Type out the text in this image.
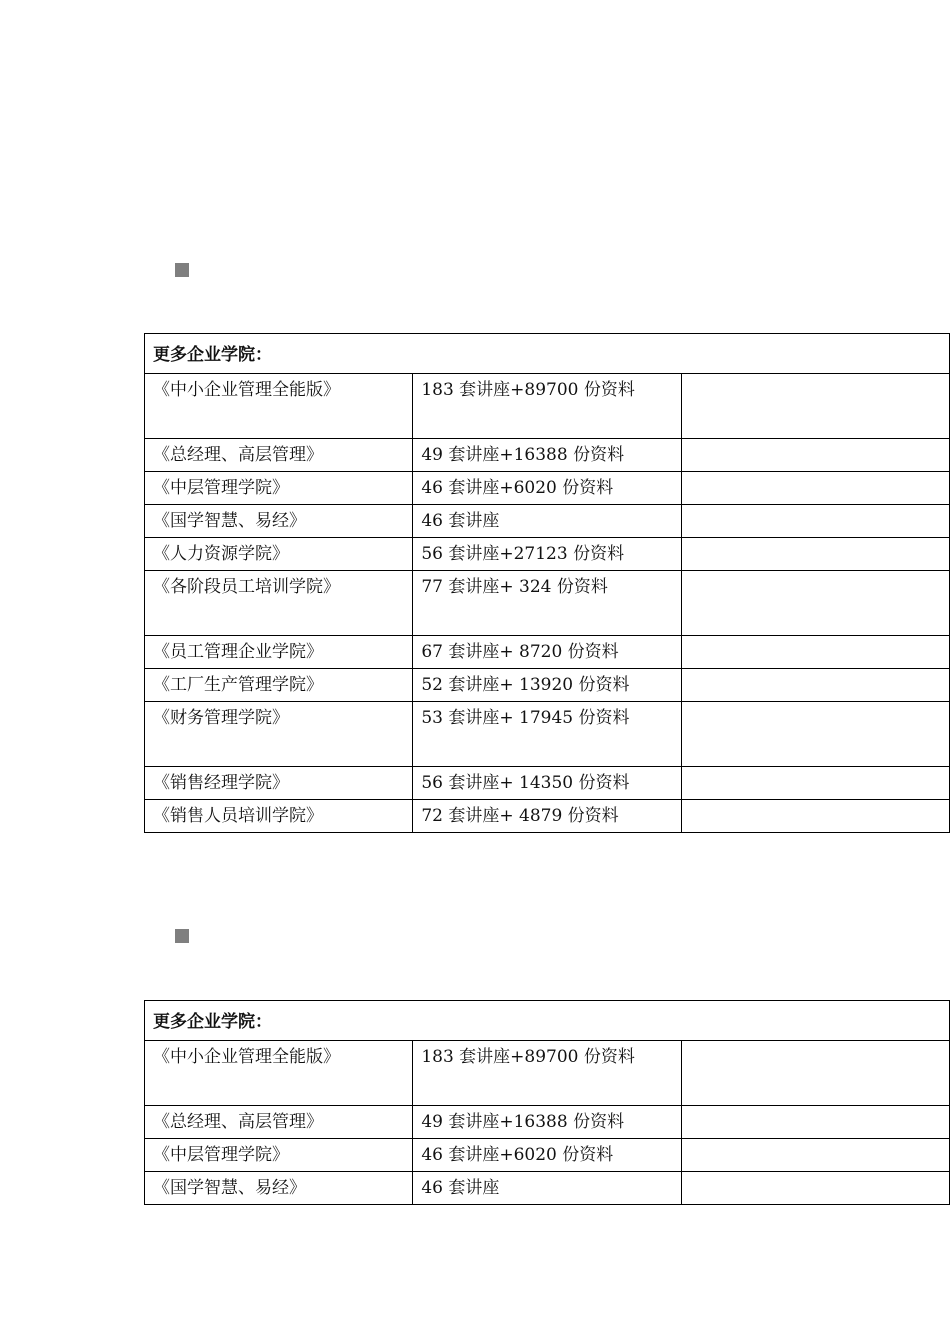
更多企业学院：		
《中小企业管理全能版》	183 套讲座+89700 份资料	
《总经理、高层管理》	49 套讲座+16388 份资料	
《中层管理学院》	46 套讲座+6020 份资料	
《国学智慧、易经》	46 套讲座	
《人力资源学院》	56 套讲座+27123 份资料	
《各阶段员工培训学院》	77 套讲座+ 324 份资料	
《员工管理企业学院》	67 套讲座+ 8720 份资料	
《工厂生产管理学院》	52 套讲座+ 13920 份资料	
《财务管理学院》	53 套讲座+ 17945 份资料	
《销售经理学院》	56 套讲座+ 14350 份资料	
《销售人员培训学院》	72 套讲座+ 4879 份资料	
更多企业学院：		
《中小企业管理全能版》	183 套讲座+89700 份资料	
《总经理、高层管理》	49 套讲座+16388 份资料	
《中层管理学院》	46 套讲座+6020 份资料	
《国学智慧、易经》	46 套讲座	
